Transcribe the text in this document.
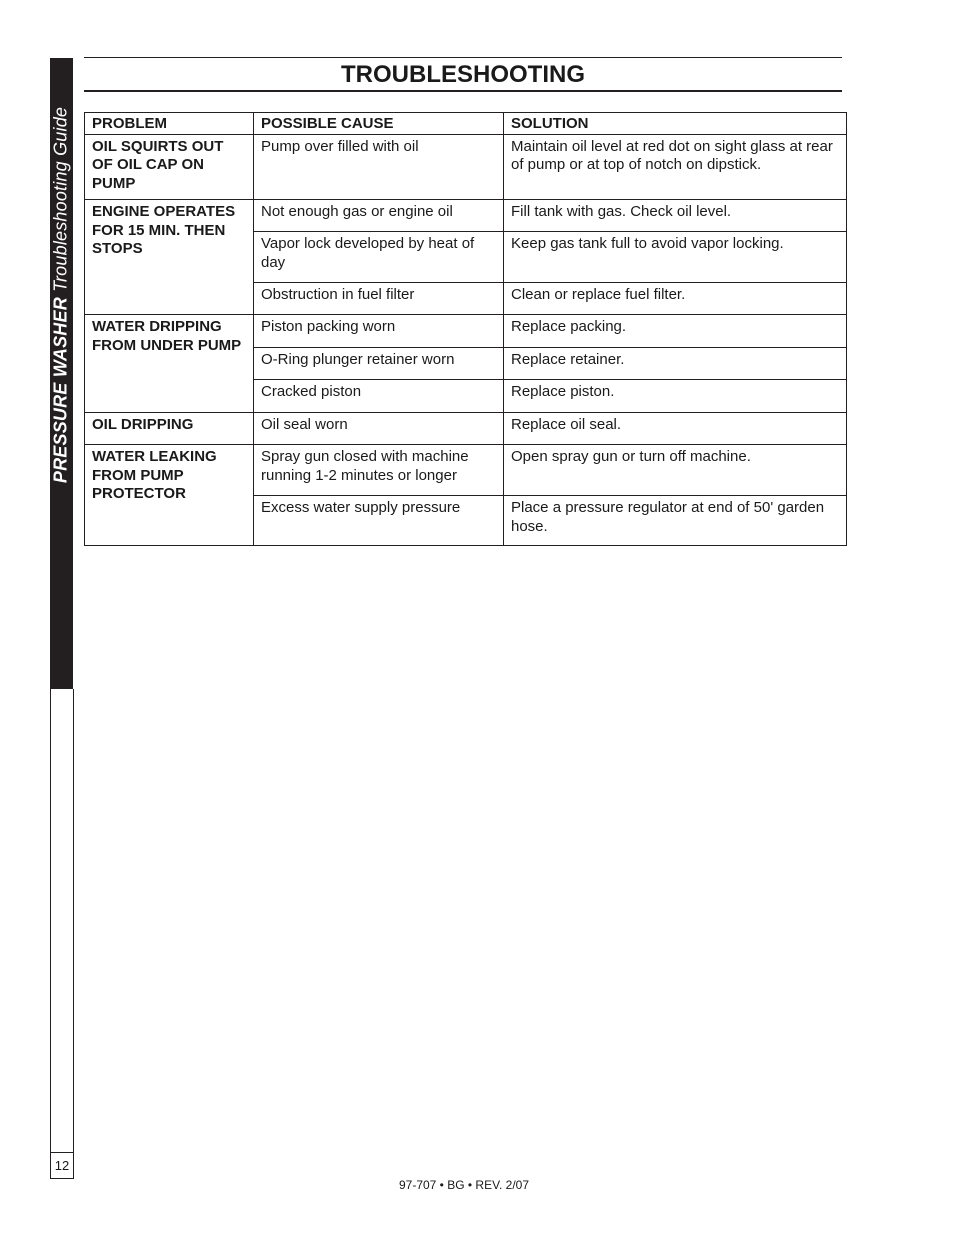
PRESSURE WASHER Troubleshooting Guide
12
TROUBLESHOOTING
PROBLEM	POSSIBLE CAUSE	SOLUTION
OIL SQUIRTS OUT OF OIL CAP ON PUMP	Pump over filled with oil	Maintain oil level at red dot on sight glass at rear of pump or at top of notch on dipstick.
ENGINE OPERATES FOR 15 MIN. THEN STOPS	Not enough gas or engine oil	Fill tank with gas. Check oil level.
	Vapor lock developed by heat of day	Keep gas tank full to avoid vapor locking.
	Obstruction in fuel filter	Clean or replace fuel filter.
WATER DRIPPING FROM UNDER PUMP	Piston packing worn	Replace packing.
	O-Ring plunger retainer worn	Replace retainer.
	Cracked piston	Replace piston.
OIL DRIPPING	Oil seal worn	Replace oil seal.
WATER LEAKING FROM PUMP PROTECTOR	Spray gun closed with machine running 1-2 minutes or longer	Open spray gun or turn off machine.
	Excess water supply pressure	Place a pressure regulator at end of 50' garden hose.
97-707 • BG • REV. 2/07
